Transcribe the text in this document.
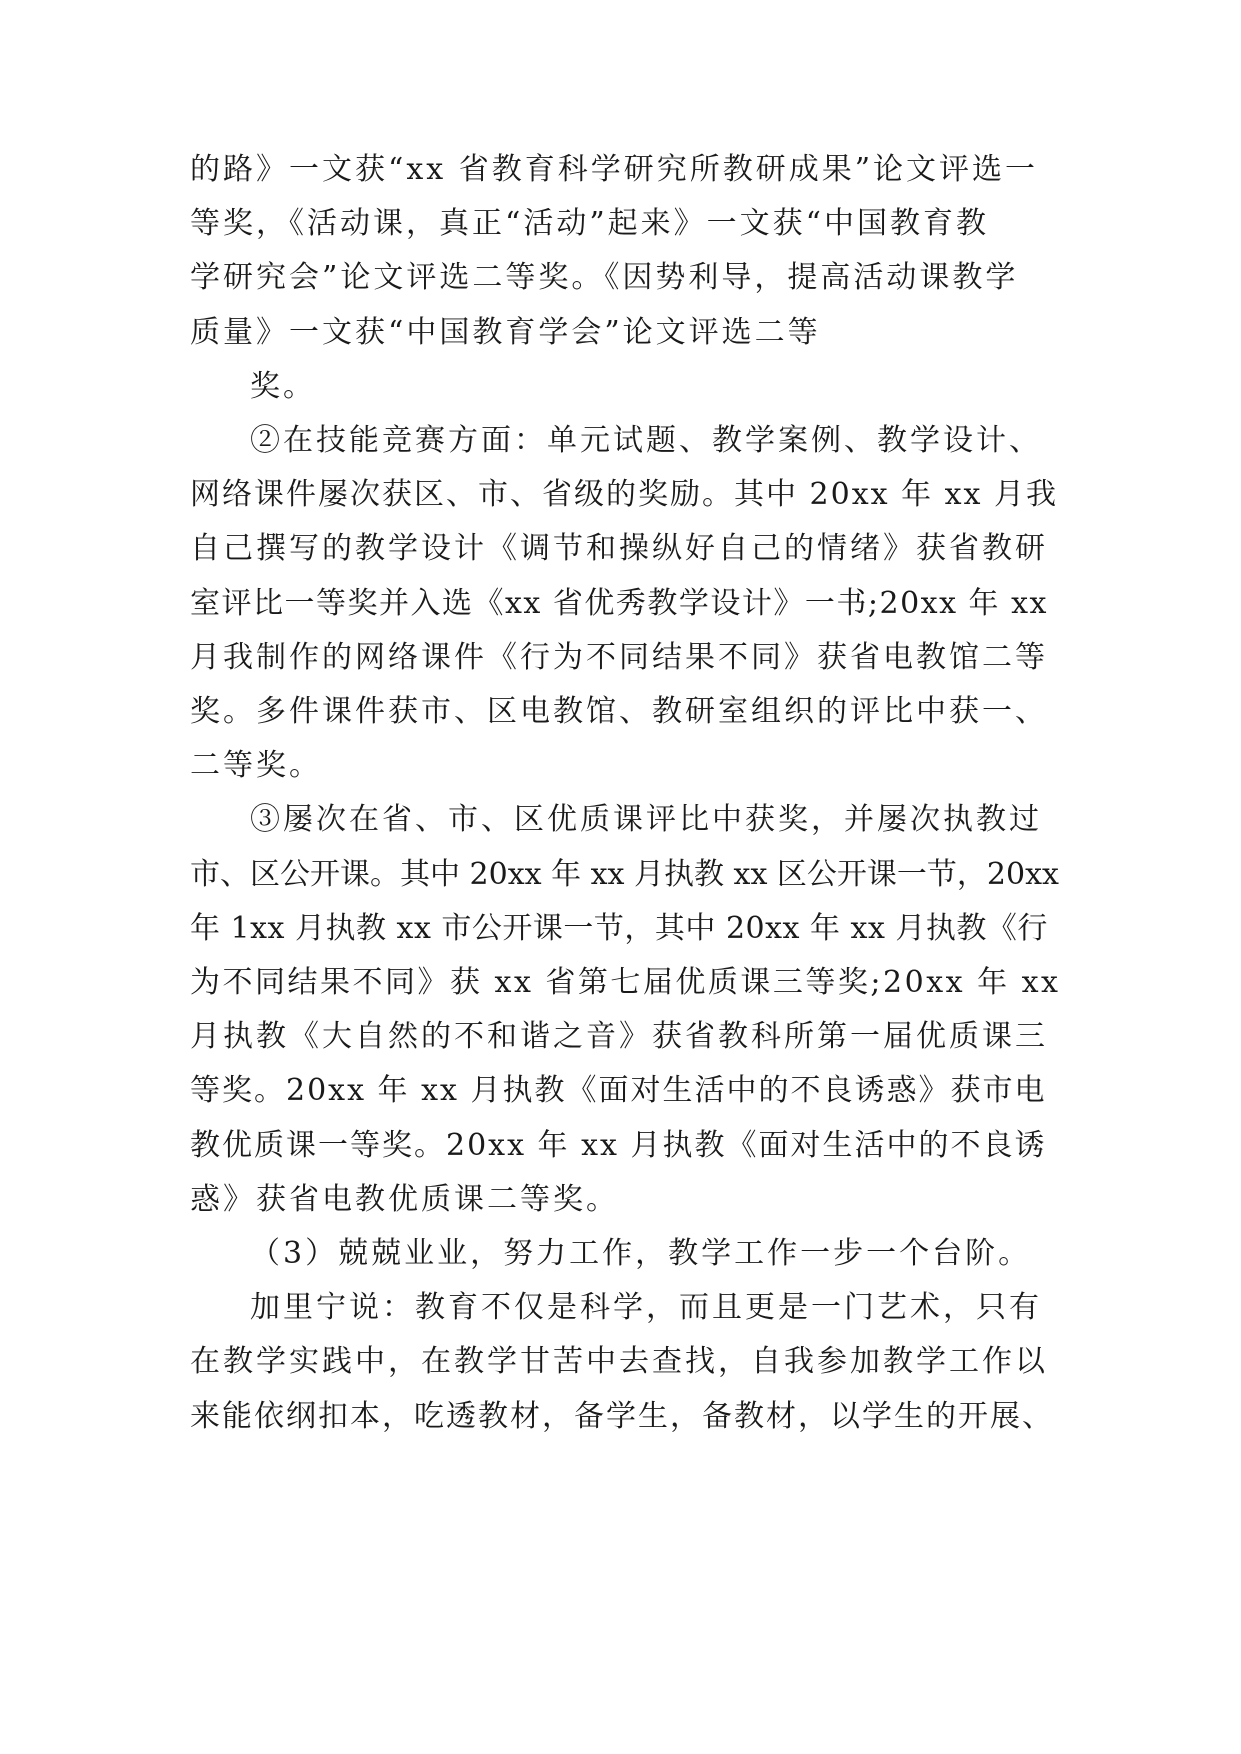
的路》一文获“xx 省教育科学研究所教研成果”论文评选一
等奖，《活动课，真正“活动”起来》一文获“中国教育教
学研究会”论文评选二等奖。《因势利导，提高活动课教学
质量》一文获“中国教育学会”论文评选二等
奖。
②在技能竞赛方面：单元试题、教学案例、教学设计、
网络课件屡次获区、市、省级的奖励。其中 20xx 年 xx 月我
自己撰写的教学设计《调节和操纵好自己的情绪》获省教研
室评比一等奖并入选《xx 省优秀教学设计》一书;20xx 年 xx
月我制作的网络课件《行为不同结果不同》获省电教馆二等
奖。多件课件获市、区电教馆、教研室组织的评比中获一、
二等奖。
③屡次在省、市、区优质课评比中获奖，并屡次执教过
市、区公开课。其中 20xx 年 xx 月执教 xx 区公开课一节，20xx
年 1xx 月执教 xx 市公开课一节，其中 20xx 年 xx 月执教《行
为不同结果不同》获 xx 省第七届优质课三等奖;20xx 年 xx
月执教《大自然的不和谐之音》获省教科所第一届优质课三
等奖。20xx 年 xx 月执教《面对生活中的不良诱惑》获市电
教优质课一等奖。20xx 年 xx 月执教《面对生活中的不良诱
惑》获省电教优质课二等奖。
（3）兢兢业业，努力工作，教学工作一步一个台阶。
加里宁说：教育不仅是科学，而且更是一门艺术，只有
在教学实践中，在教学甘苦中去查找，自我参加教学工作以
来能依纲扣本，吃透教材，备学生，备教材，以学生的开展、
